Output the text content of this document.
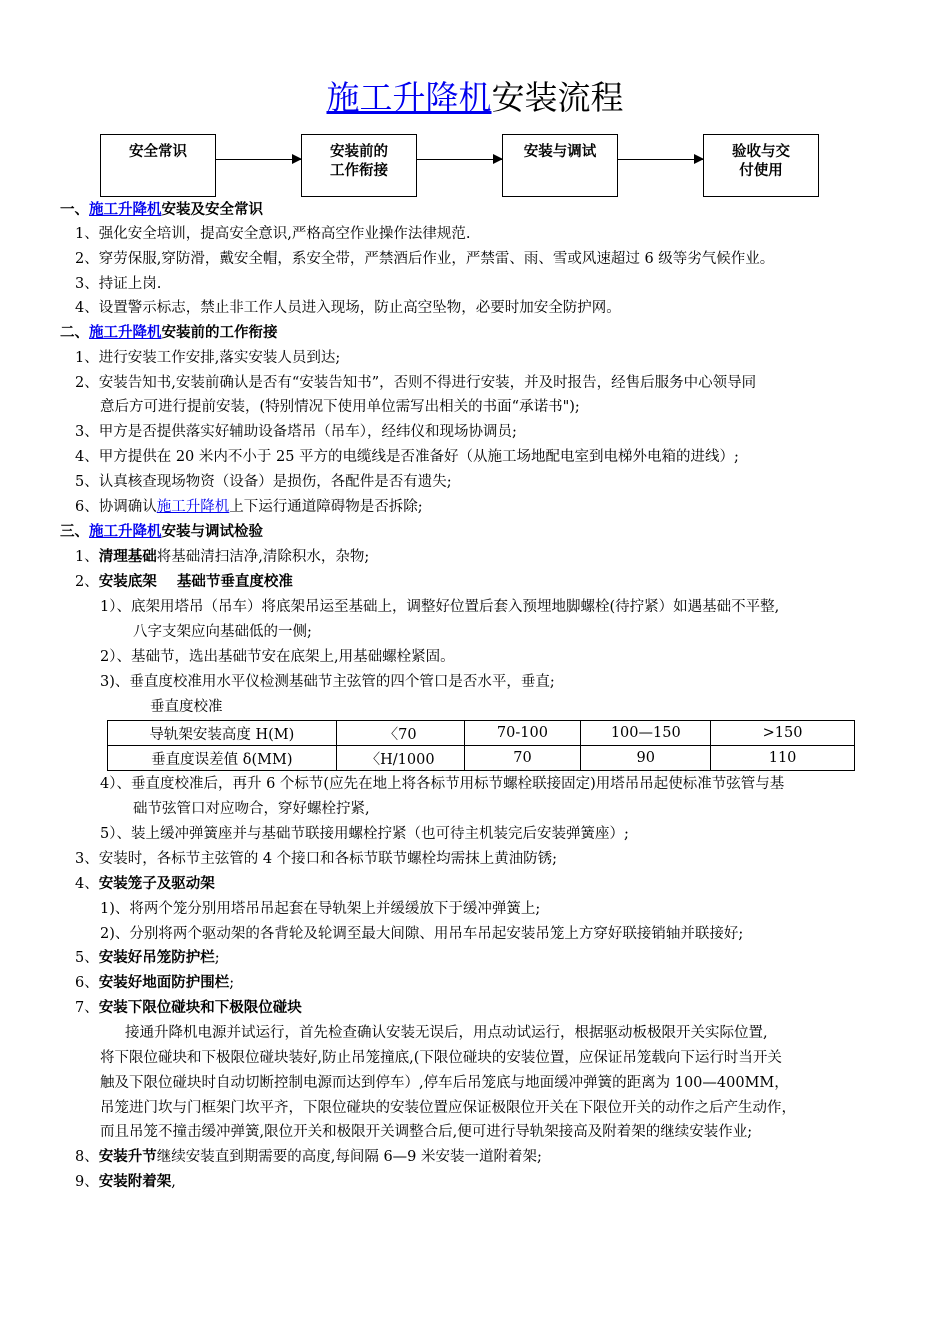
施工升降机安装流程
安全常识	安装前的
工作衔接
安装与调试	验收与交
付使用
一、施工升降机安装及安全常识
1、强化安全培训，提高安全意识,严格高空作业操作法律规范.
2、穿劳保服,穿防滑，戴安全帽，系安全带，严禁酒后作业，严禁雷、雨、雪或风速超过 6 级等劣气候作业。
3、持证上岗.
4、设置警示标志，禁止非工作人员进入现场，防止高空坠物，必要时加安全防护网。
二、施工升降机安装前的工作衔接
1、进行安装工作安排,落实安装人员到达;
2、安装告知书,安装前确认是否有“安装告知书”，否则不得进行安装，并及时报告，经售后服务中心领导同
意后方可进行提前安装，(特别情况下使用单位需写出相关的书面“承诺书");
3、甲方是否提供落实好辅助设备塔吊（吊车），经纬仪和现场协调员;
4、甲方提供在 20 米内不小于 25 平方的电缆线是否准备好（从施工场地配电室到电梯外电箱的进线）;
5、认真核查现场物资（设备）是损伤，各配件是否有遗失;
6、协调确认施工升降机上下运行通道障碍物是否拆除;
三、施工升降机安装与调试检验
1、清理基础将基础清扫洁净,清除积水，杂物;
2、安装底架    基础节垂直度校准
1）、底架用塔吊（吊车）将底架吊运至基础上，调整好位置后套入预埋地脚螺栓(待拧紧）如遇基础不平整,
八字支架应向基础低的一侧;
2）、基础节，选出基础节安在底架上,用基础螺栓紧固。
3)、垂直度校准用水平仪检测基础节主弦管的四个管口是否水平，垂直;
垂直度校准
导轨架安装高度 H(M)	〈70	70-100	100—150	>150
垂直度误差值 δ(MM)	〈H/1000	70	90	110
4）、垂直度校准后，再升 6 个标节(应先在地上将各标节用标节螺栓联接固定)用塔吊吊起使标准节弦管与基
础节弦管口对应吻合，穿好螺栓拧紧,
5）、装上缓冲弹簧座并与基础节联接用螺栓拧紧（也可待主机装完后安装弹簧座）;
3、安装时，各标节主弦管的 4 个接口和各标节联节螺栓均需抹上黄油防锈;
4、安装笼子及驱动架
1)、将两个笼分别用塔吊吊起套在导轨架上并缓缓放下于缓冲弹簧上;
2)、分别将两个驱动架的各背轮及轮调至最大间隙、用吊车吊起安装吊笼上方穿好联接销轴并联接好;
5、安装好吊笼防护栏;
6、安装好地面防护围栏;
7、安装下限位碰块和下极限位碰块
接通升降机电源并试运行，首先检查确认安装无误后，用点动试运行，根据驱动板极限开关实际位置,
将下限位碰块和下极限位碰块装好,防止吊笼撞底,(下限位碰块的安装位置，应保证吊笼载向下运行时当开关
触及下限位碰块时自动切断控制电源而达到停车）,停车后吊笼底与地面缓冲弹簧的距离为 100—400MM，
吊笼进门坎与门框架门坎平齐，下限位碰块的安装位置应保证极限位开关在下限位开关的动作之后产生动作，
而且吊笼不撞击缓冲弹簧,限位开关和极限开关调整合后,便可进行导轨架接高及附着架的继续安装作业;
8、安装升节继续安装直到期需要的高度,每间隔 6—9 米安装一道附着架;
9、安装附着架,
